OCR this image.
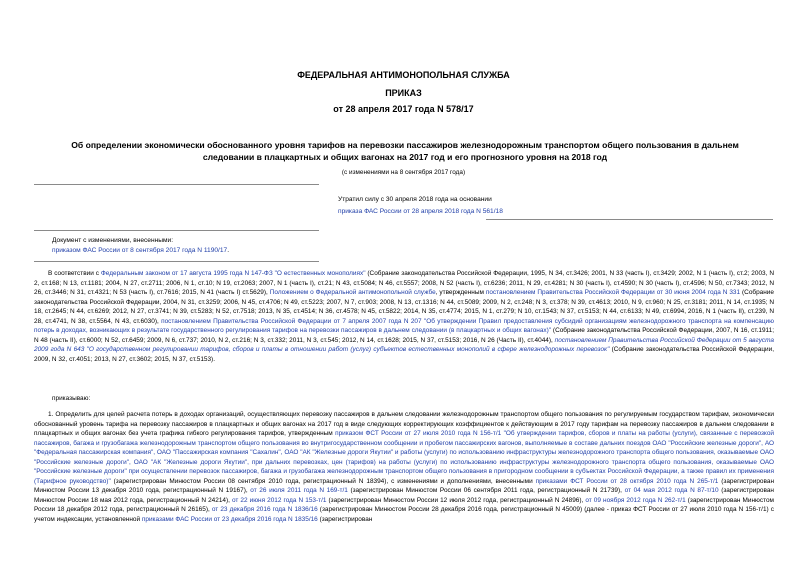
ФЕДЕРАЛЬНАЯ АНТИМОНОПОЛЬНАЯ СЛУЖБА
ПРИКАЗ
от 28 апреля 2017 года N 578/17
Об определении экономически обоснованного уровня тарифов на перевозки пассажиров железнодорожным транспортом общего пользования в дальнем
следовании в плацкартных и общих вагонах на 2017 год и его прогнозного уровня на 2018 год
(с изменениями на 8 сентября 2017 года)
Утратил силу с 30 апреля 2018 года на основании
приказа ФАС России от 28 апреля 2018 года N 561/18
Документ с изменениями, внесенными:
приказом ФАС России от 8 сентября 2017 года N 1190/17.
В соответствии с Федеральным законом от 17 августа 1995 года N 147-ФЗ "О естественных монополиях" (Собрание законодательства Российской Федерации, 1995, N 34, ст.3426; 2001, N 33 (часть I), ст.3429; 2002, N 1 (часть I), ст.2; 2003, N 2, ст.168; N 13, ст.1181; 2004, N 27, ст.2711; 2006, N 1, ст.10; N 19, ст.2063; 2007, N 1 (часть I), ст.21; N 43, ст.5084; N 46, ст.5557; 2008, N 52 (часть I), ст.6236; 2011, N 29, ст.4281; N 30 (часть I), ст.4590; N 30 (часть I), ст.4596; N 50, ст.7343; 2012, N 26, ст.3446; N 31, ст.4321; N 53 (часть I), ст.7616; 2015, N 41 (часть I) ст.5629), Положением о Федеральной антимонопольной службе, утвержденным постановлением Правительства Российской Федерации от 30 июня 2004 года N 331 (Собрание законодательства Российской Федерации, 2004, N 31, ст.3259; 2006, N 45, ст.4706; N 49, ст.5223; 2007, N 7, ст.903; 2008, N 13, ст.1316; N 44, ст.5089; 2009, N 2, ст.248; N 3, ст.378; N 39, ст.4613; 2010, N 9, ст.960; N 25, ст.3181; 2011, N 14, ст.1935; N 18, ст.2645; N 44, ст.6269; 2012, N 27, ст.3741; N 39, ст.5283; N 52, ст.7518; 2013, N 35, ст.4514; N 36, ст.4578; N 45, ст.5822; 2014, N 35, ст.4774; 2015, N 1, ст.279; N 10, ст.1543; N 37, ст.5153; N 44, ст.6133; N 49, ст.6994, 2016, N 1 (часть II), ст.239, N 28, ст.4741, N 38, ст.5564, N 43, ст.6030), постановлением Правительства Российской Федерации от 7 апреля 2007 года N 207 "Об утверждении Правил предоставления субсидий организациям железнодорожного транспорта на компенсацию потерь в доходах, возникающих в результате государственного регулирования тарифов на перевозки пассажиров в дальнем следовании (в плацкартных и общих вагонах)" (Собрание законодательства Российской Федерации, 2007, N 16, ст.1911; N 48 (часть II), ст.6000; N 52, ст.6459; 2009, N 6, ст.737; 2010, N 2, ст.216; N 3, ст.332; 2011, N 3, ст.545; 2012, N 14, ст.1628; 2015, N 37, ст.5153; 2016, N 26 (Часть II), ст.4044), постановлением Правительства Российской Федерации от 5 августа 2009 года N 643 "О государственном регулировании тарифов, сборов и платы в отношении работ (услуг) субъектов естественных монополий в сфере железнодорожных перевозок" (Собрание законодательства Российской Федерации, 2009, N 32, ст.4051; 2013, N 27, ст.3602; 2015, N 37, ст.5153).
приказываю:
1. Определить для целей расчета потерь в доходах организаций, осуществляющих перевозку пассажиров в дальнем следовании железнодорожным транспортом общего пользования по регулируемым государством тарифам, экономически обоснованный уровень тарифа на перевозку пассажиров в плацкартных и общих вагонах на 2017 год в виде следующих корректирующих коэффициентов к действующим в 2017 году тарифам на перевозку пассажиров в дальнем следовании в плацкартных и общих вагонах без учета графика гибкого регулирования тарифов, утвержденным приказом ФСТ России от 27 июля 2010 года N 156-т/1 "Об утверждении тарифов, сборов и платы на работы (услуги), связанные с перевозкой пассажиров, багажа и грузобагажа железнодорожным транспортом общего пользования во внутригосударственном сообщении и пробегом пассажирских вагонов, выполняемые в составе дальних поездов ОАО "Российские железные дороги", АО "Федеральная пассажирская компания", ОАО "Пассажирская компания "Сахалин", ОАО "АК "Железные дороги Якутии" и работы (услуги) по использованию инфраструктуры железнодорожного транспорта общего пользования, оказываемые ОАО "Российские железные дороги", ОАО "АК "Железные дороги Якутии", при дальних перевозках, цен (тарифов) на работы (услуги) по использованию инфраструктуры железнодорожного транспорта общего пользования, оказываемые ОАО "Российские железные дороги" при осуществлении перевозок пассажиров, багажа и грузобагажа железнодорожным транспортом общего пользования в пригородном сообщении в субъектах Российской Федерации, а также правил их применения (Тарифное руководство)" (зарегистрирован Минюстом России 08 сентября 2010 года, регистрационный N 18394), с изменениями и дополнениями, внесенными приказами ФСТ России от 28 октября 2010 года N 265-т/1 (зарегистрирован Минюстом России 13 декабря 2010 года, регистрационный N 19167), от 26 июля 2011 года N 169-т/1 (зарегистрирован Минюстом России 06 сентября 2011 года, регистрационный N 21739), от 04 мая 2012 года N 87-т/10 (зарегистрирован Минюстом России 18 мая 2012 года, регистрационный N 24214), от 22 июня 2012 года N 153-т/1 (зарегистрирован Минюстом России 12 июля 2012 года, регистрационный N 24896), от 09 ноября 2012 года N 262-т/1 (зарегистрирован Минюстом России 18 декабря 2012 года, регистрационный N 26165), от 23 декабря 2016 года N 1836/16 (зарегистрирован Минюстом России 28 декабря 2016 года, регистрационный N 45009) (далее - приказ ФСТ России от 27 июля 2010 года N 156-т/1) с учетом индексации, установленной приказами ФАС России от 23 декабря 2016 года N 1835/16 (зарегистрирован
